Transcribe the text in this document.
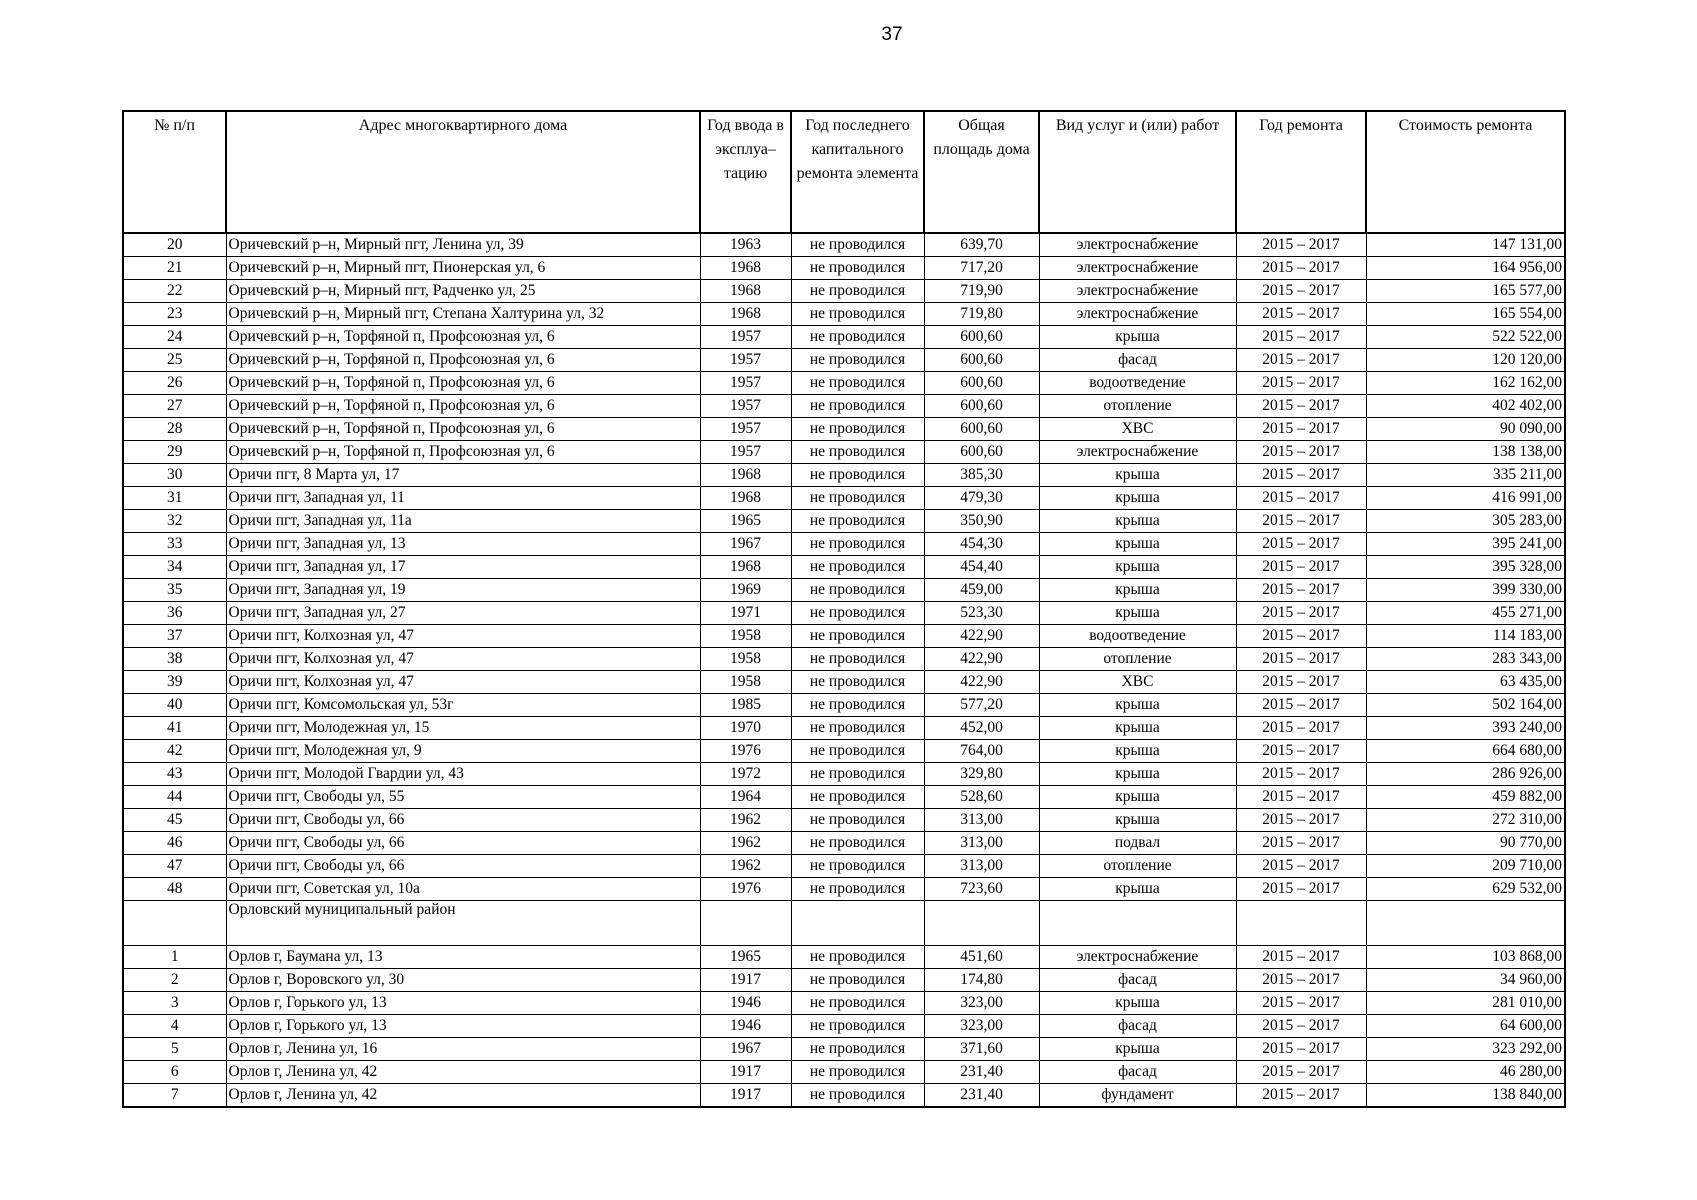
37
№ п/п	Адрес многоквартирного дома	Год ввода в эксплуа– тацию	Год последнего капитального ремонта элемента	Общая площадь дома	Вид услуг и (или) работ	Год ремонта	Стоимость ремонта
20	Оричевский р–н, Мирный пгт, Ленина ул, 39	1963	не проводился	639,70	электроснабжение	2015 – 2017	147 131,00
21	Оричевский р–н, Мирный пгт, Пионерская ул, 6	1968	не проводился	717,20	электроснабжение	2015 – 2017	164 956,00
22	Оричевский р–н, Мирный пгт, Радченко ул, 25	1968	не проводился	719,90	электроснабжение	2015 – 2017	165 577,00
23	Оричевский р–н, Мирный пгт, Степана Халтурина ул, 32	1968	не проводился	719,80	электроснабжение	2015 – 2017	165 554,00
24	Оричевский р–н, Торфяной п, Профсоюзная ул, 6	1957	не проводился	600,60	крыша	2015 – 2017	522 522,00
25	Оричевский р–н, Торфяной п, Профсоюзная ул, 6	1957	не проводился	600,60	фасад	2015 – 2017	120 120,00
26	Оричевский р–н, Торфяной п, Профсоюзная ул, 6	1957	не проводился	600,60	водоотведение	2015 – 2017	162 162,00
27	Оричевский р–н, Торфяной п, Профсоюзная ул, 6	1957	не проводился	600,60	отопление	2015 – 2017	402 402,00
28	Оричевский р–н, Торфяной п, Профсоюзная ул, 6	1957	не проводился	600,60	ХВС	2015 – 2017	90 090,00
29	Оричевский р–н, Торфяной п, Профсоюзная ул, 6	1957	не проводился	600,60	электроснабжение	2015 – 2017	138 138,00
30	Оричи пгт, 8 Марта ул, 17	1968	не проводился	385,30	крыша	2015 – 2017	335 211,00
31	Оричи пгт, Западная ул, 11	1968	не проводился	479,30	крыша	2015 – 2017	416 991,00
32	Оричи пгт, Западная ул, 11а	1965	не проводился	350,90	крыша	2015 – 2017	305 283,00
33	Оричи пгт, Западная ул, 13	1967	не проводился	454,30	крыша	2015 – 2017	395 241,00
34	Оричи пгт, Западная ул, 17	1968	не проводился	454,40	крыша	2015 – 2017	395 328,00
35	Оричи пгт, Западная ул, 19	1969	не проводился	459,00	крыша	2015 – 2017	399 330,00
36	Оричи пгт, Западная ул, 27	1971	не проводился	523,30	крыша	2015 – 2017	455 271,00
37	Оричи пгт, Колхозная ул, 47	1958	не проводился	422,90	водоотведение	2015 – 2017	114 183,00
38	Оричи пгт, Колхозная ул, 47	1958	не проводился	422,90	отопление	2015 – 2017	283 343,00
39	Оричи пгт, Колхозная ул, 47	1958	не проводился	422,90	ХВС	2015 – 2017	63 435,00
40	Оричи пгт, Комсомольская ул, 53г	1985	не проводился	577,20	крыша	2015 – 2017	502 164,00
41	Оричи пгт, Молодежная ул, 15	1970	не проводился	452,00	крыша	2015 – 2017	393 240,00
42	Оричи пгт, Молодежная ул, 9	1976	не проводился	764,00	крыша	2015 – 2017	664 680,00
43	Оричи пгт, Молодой Гвардии ул, 43	1972	не проводился	329,80	крыша	2015 – 2017	286 926,00
44	Оричи пгт, Свободы ул, 55	1964	не проводился	528,60	крыша	2015 – 2017	459 882,00
45	Оричи пгт, Свободы ул, 66	1962	не проводился	313,00	крыша	2015 – 2017	272 310,00
46	Оричи пгт, Свободы ул, 66	1962	не проводился	313,00	подвал	2015 – 2017	90 770,00
47	Оричи пгт, Свободы ул, 66	1962	не проводился	313,00	отопление	2015 – 2017	209 710,00
48	Оричи пгт, Советская ул, 10а	1976	не проводился	723,60	крыша	2015 – 2017	629 532,00
	Орловский муниципальный район						
1	Орлов г, Баумана ул, 13	1965	не проводился	451,60	электроснабжение	2015 – 2017	103 868,00
2	Орлов г, Воровского ул, 30	1917	не проводился	174,80	фасад	2015 – 2017	34 960,00
3	Орлов г, Горького ул, 13	1946	не проводился	323,00	крыша	2015 – 2017	281 010,00
4	Орлов г, Горького ул, 13	1946	не проводился	323,00	фасад	2015 – 2017	64 600,00
5	Орлов г, Ленина ул, 16	1967	не проводился	371,60	крыша	2015 – 2017	323 292,00
6	Орлов г, Ленина ул, 42	1917	не проводился	231,40	фасад	2015 – 2017	46 280,00
7	Орлов г, Ленина ул, 42	1917	не проводился	231,40	фундамент	2015 – 2017	138 840,00
